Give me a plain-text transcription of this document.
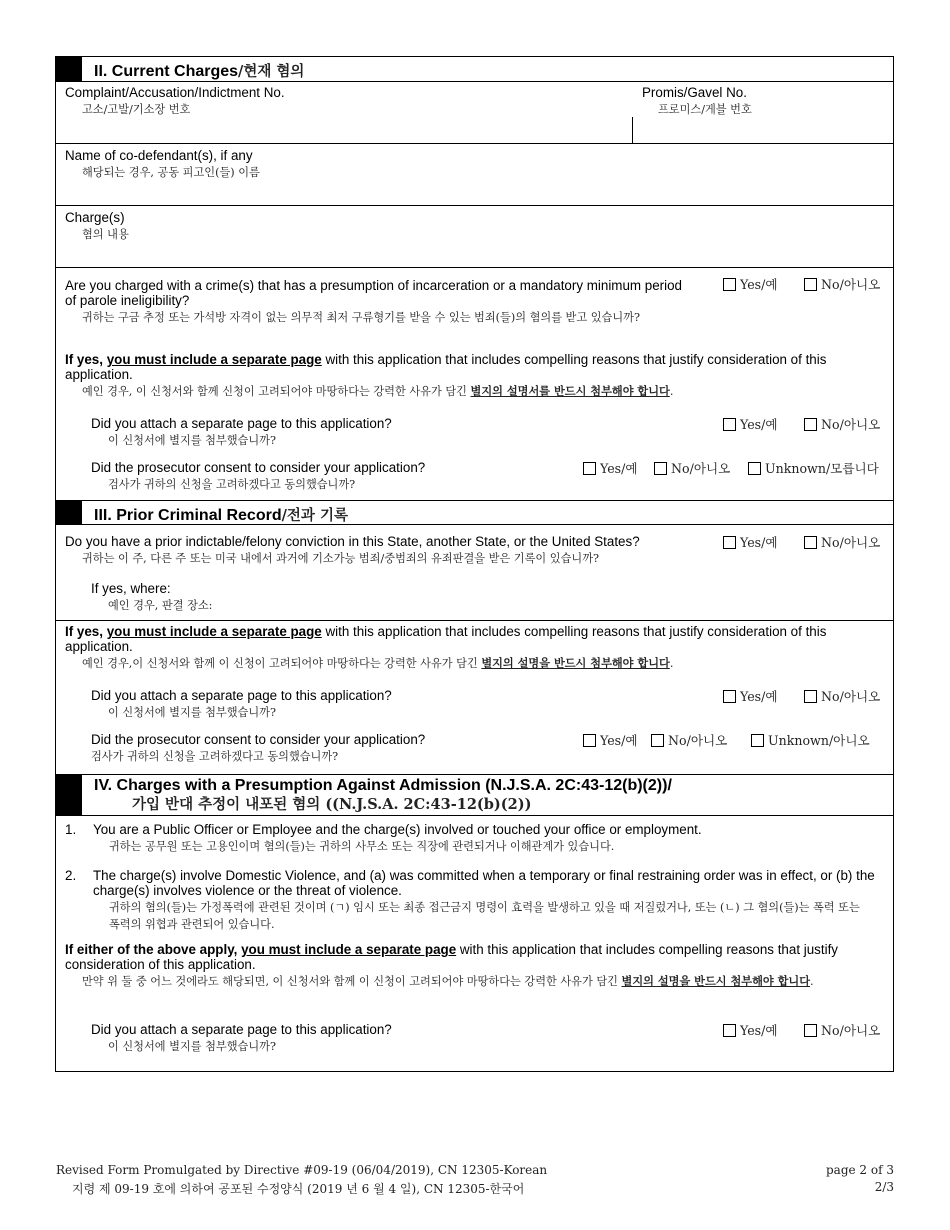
II. Current Charges/현재 혐의
Complaint/Accusation/Indictment No.
고소/고발/기소장 번호
Promis/Gavel No.
프로미스/게블 번호
Name of co-defendant(s), if any
해당되는 경우, 공동 피고인(들) 이름
Charge(s)
혐의 내용
Are you charged with a crime(s) that has a presumption of incarceration or a mandatory minimum period of parole ineligibility?
귀하는 구금 추정 또는 가석방 자격이 없는 의무적 최저 구류형기를 받을 수 있는 범죄(들)의 혐의를 받고 있습니까?
Yes/예	No/아니오
If yes, you must include a separate page with this application that includes compelling reasons that justify consideration of this application.
예인 경우, 이 신청서와 함께 신청이 고려되어야 마땅하다는 강력한 사유가 담긴 별지의 설명서를 반드시 첨부해야 합니다.
Did you attach a separate page to this application?
이 신청서에 별지를 첨부했습니까?
Yes/예	No/아니오
Did the prosecutor consent to consider your application?
검사가 귀하의 신청을 고려하겠다고 동의했습니까?
Yes/예	No/아니오	Unknown/모릅니다
III. Prior Criminal Record/전과 기록
Do you have a prior indictable/felony conviction in this State, another State, or the United States?
귀하는 이 주, 다른 주 또는 미국 내에서 과거에 기소가능 범죄/중범죄의 유죄판결을 받은 기록이 있습니까?
Yes/예	No/아니오
If yes, where:
예인 경우, 판결 장소:
If yes, you must include a separate page with this application that includes compelling reasons that justify consideration of this application.
예인 경우,이 신청서와 함께 이 신청이 고려되어야 마땅하다는 강력한 사유가 담긴 별지의 설명을 반드시 첨부해야 합니다.
Did you attach a separate page to this application?
이 신청서에 별지를 첨부했습니까?
Yes/예	No/아니오
Did the prosecutor consent to consider your application?
검사가 귀하의 신청을 고려하겠다고 동의했습니까?
Yes/예	No/아니오	Unknown/아니오
IV. Charges with a Presumption Against Admission (N.J.S.A. 2C:43-12(b)(2))/
가입 반대 추정이 내포된 혐의 ((N.J.S.A. 2C:43-12(b)(2))
1. You are a Public Officer or Employee and the charge(s) involved or touched your office or employment.
귀하는 공무원 또는 고용인이며 혐의(들)는 귀하의 사무소 또는 직장에 관련되거나 이해관계가 있습니다.
2. The charge(s) involve Domestic Violence, and (a) was committed when a temporary or final restraining order was in effect, or (b) the charge(s) involves violence or the threat of violence.
귀하의 혐의(들)는 가정폭력에 관련된 것이며 (ㄱ) 임시 또는 최종 접근금지 명령이 효력을 발생하고 있을 때 저질렀거나, 또는 (ㄴ) 그 혐의(들)는 폭력 또는 폭력의 위협과 관련되어 있습니다.
If either of the above apply, you must include a separate page with this application that includes compelling reasons that justify consideration of this application.
만약 위 둘 중 어느 것에라도 해당되면, 이 신청서와 함께 이 신청이 고려되어야 마땅하다는 강력한 사유가 담긴 별지의 설명을 반드시 첨부해야 합니다.
Did you attach a separate page to this application?
이 신청서에 별지를 첨부했습니까?
Yes/예	No/아니오
Revised Form Promulgated by Directive #09-19 (06/04/2019), CN 12305-Korean
지령 제 09-19 호에 의하여 공포된 수정양식 (2019 년 6 월 4 일), CN 12305-한국어
page 2 of 3
2/3
